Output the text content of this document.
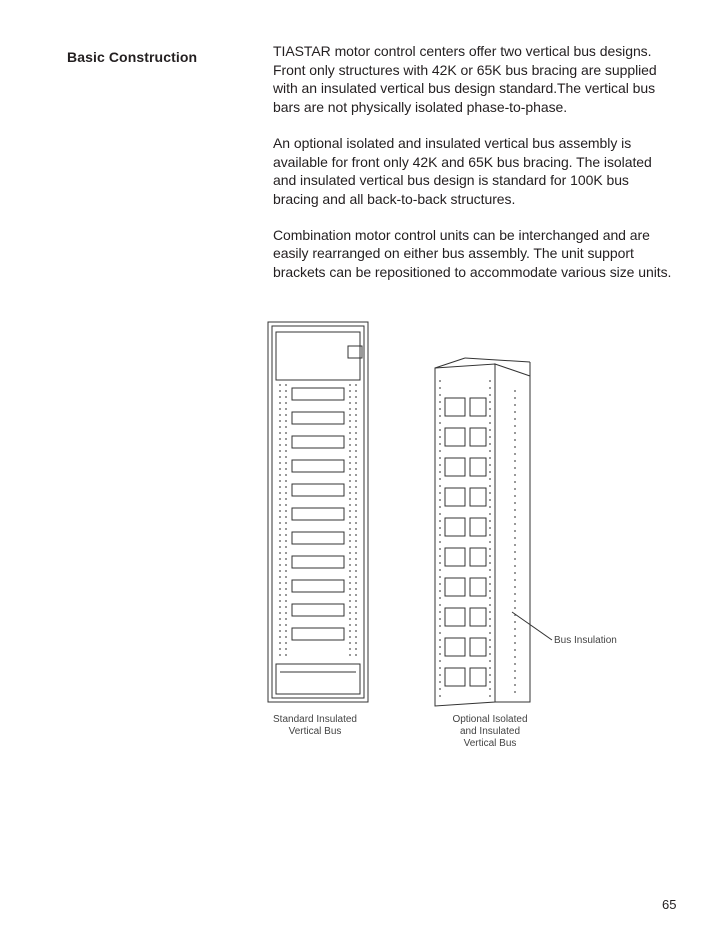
Basic Construction	TIASTAR motor control centers offer two vertical bus designs. Front only structures with 42K or 65K bus bracing are supplied with an insulated vertical bus design standard.The vertical bus bars are not physically isolated phase-to-phase.

An optional isolated and insulated vertical bus assembly is available for front only 42K and 65K bus bracing. The isolated and insulated vertical bus design is standard for 100K bus bracing and all back-to-back structures.

Combination motor control units can be interchanged and are easily rearranged on either bus assembly. The unit support brackets can be repositioned to accommodate various size units.

Standard Insulated
Vertical Bus
Optional Isolated
and Insulated
Vertical Bus
Bus Insulation
65
